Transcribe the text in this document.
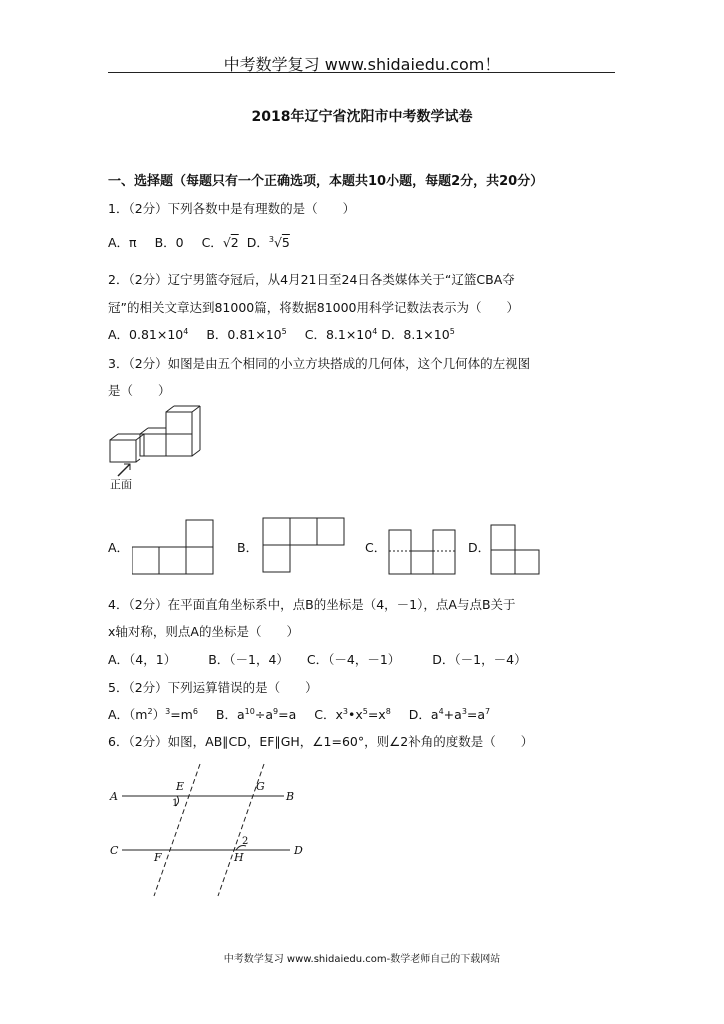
中考数学复习 www.shidaiedu.com！
2018年辽宁省沈阳市中考数学试卷
一、选择题（每题只有一个正确选项，本题共10小题，每题2分，共20分）
1．（2分）下列各数中是有理数的是（　　）
A．π B．0 C．√2 D．$^3$√5
2．（2分）辽宁男篮夺冠后，从4月21日至24日各类媒体关于“辽篮CBA夺
冠”的相关文章达到81000篇，将数据81000用科学记数法表示为（　　）
A．$0.81\times 10^4$ B．$0.81\times 10^5$ C．$8.1\times 10^4$ D．$8.1\times 10^5$
3．（2分）如图是由五个相同的小立方块搭成的几何体，这个几何体的左视图
是（　　）
正面
A．	B．	C．	D．
4．（2分）在平面直角坐标系中，点B的坐标是（4，－1），点A与点B关于
x轴对称，则点A的坐标是（　　）
A．（4，1）	B．（－1，4） C．（－4，－1）	D．（－1，－4）
5．（2分）下列运算错误的是（　　）
A．$(m^2)^3=m^6$ B．$a^{10}\div a^9=a$ C．$x^3•x^5=x^8$ D．$a^4+a^3=a^7$
6．（2分）如图，AB∥CD，EF∥GH，∠1=60°，则∠2补角的度数是（　　）
A	B
C	D
E
F
G
H
1
2
中考数学复习 www.shidaiedu.com-数学老师自己的下载网站
